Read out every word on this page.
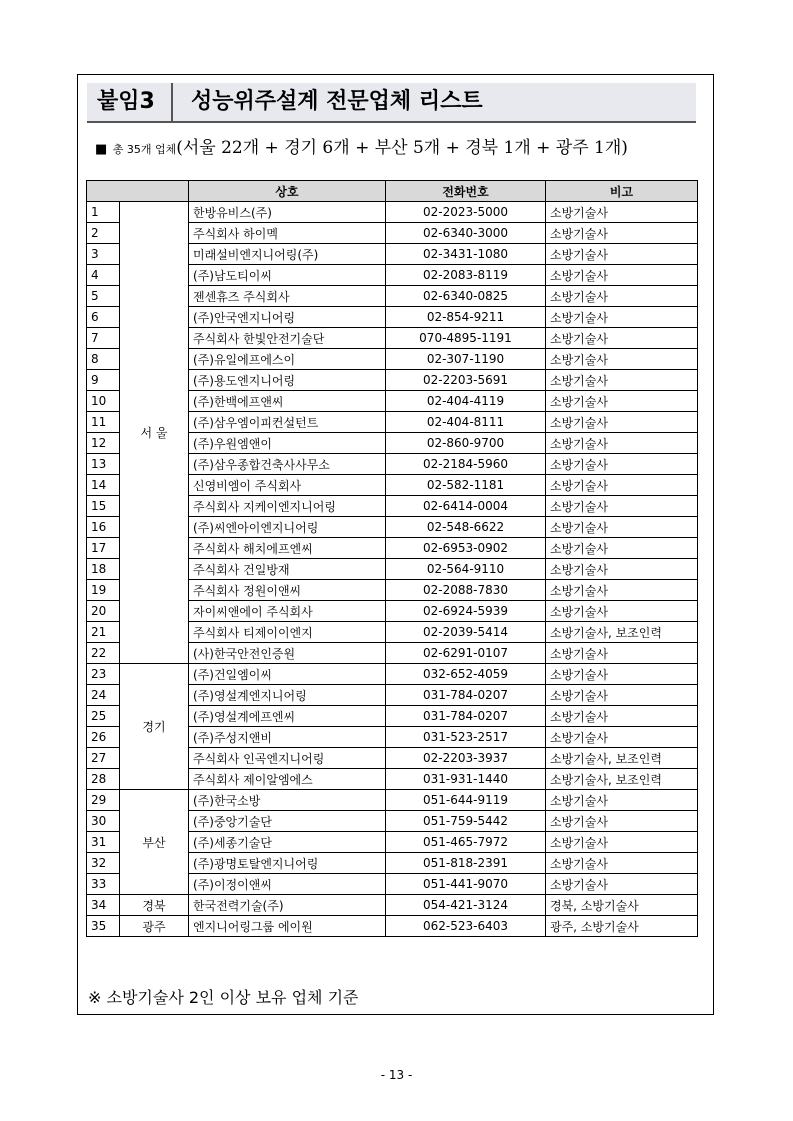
붙임3 성능위주설계 전문업체 리스트
■ 총 35개 업체(서울 22개 + 경기 6개 + 부산 5개 + 경북 1개 + 광주 1개)
		상호	전화번호	비고
1	서 울	한방유비스(주)	02-2023-5000	소방기술사
2		주식회사 하이멕	02-6340-3000	소방기술사
3		미래설비엔지니어링(주)	02-3431-1080	소방기술사
4		(주)남도티이씨	02-2083-8119	소방기술사
5		젠센휴즈 주식회사	02-6340-0825	소방기술사
6		(주)안국엔지니어링	02-854-9211	소방기술사
7		주식회사 한빛안전기술단	070-4895-1191	소방기술사
8		(주)유일에프에스이	02-307-1190	소방기술사
9		(주)용도엔지니어링	02-2203-5691	소방기술사
10		(주)한백에프앤씨	02-404-4119	소방기술사
11		(주)삼우엠이피컨설턴트	02-404-8111	소방기술사
12		(주)우원엠앤이	02-860-9700	소방기술사
13		(주)삼우종합건축사사무소	02-2184-5960	소방기술사
14		신영비엠이 주식회사	02-582-1181	소방기술사
15		주식회사 지케이엔지니어링	02-6414-0004	소방기술사
16		(주)씨엔아이엔지니어링	02-548-6622	소방기술사
17		주식회사 해치에프엔씨	02-6953-0902	소방기술사
18		주식회사 건일방재	02-564-9110	소방기술사
19		주식회사 정원이앤씨	02-2088-7830	소방기술사
20		자이씨앤에이 주식회사	02-6924-5939	소방기술사
21		주식회사 티제이이엔지	02-2039-5414	소방기술사, 보조인력
22		(사)한국안전인증원	02-6291-0107	소방기술사
23	경기	(주)건일엠이씨	032-652-4059	소방기술사
24		(주)영설계엔지니어링	031-784-0207	소방기술사
25		(주)영설계에프엔씨	031-784-0207	소방기술사
26		(주)주성지앤비	031-523-2517	소방기술사
27		주식회사 인곡엔지니어링	02-2203-3937	소방기술사, 보조인력
28		주식회사 제이알엠에스	031-931-1440	소방기술사, 보조인력
29	부산	(주)한국소방	051-644-9119	소방기술사
30		(주)중앙기술단	051-759-5442	소방기술사
31		(주)세종기술단	051-465-7972	소방기술사
32		(주)광명토탈엔지니어링	051-818-2391	소방기술사
33		(주)이정이앤씨	051-441-9070	소방기술사
34	경북	한국전력기술(주)	054-421-3124	경북, 소방기술사
35	광주	엔지니어링그룹 에이원	062-523-6403	광주, 소방기술사
※ 소방기술사 2인 이상 보유 업체 기준
- 13 -
